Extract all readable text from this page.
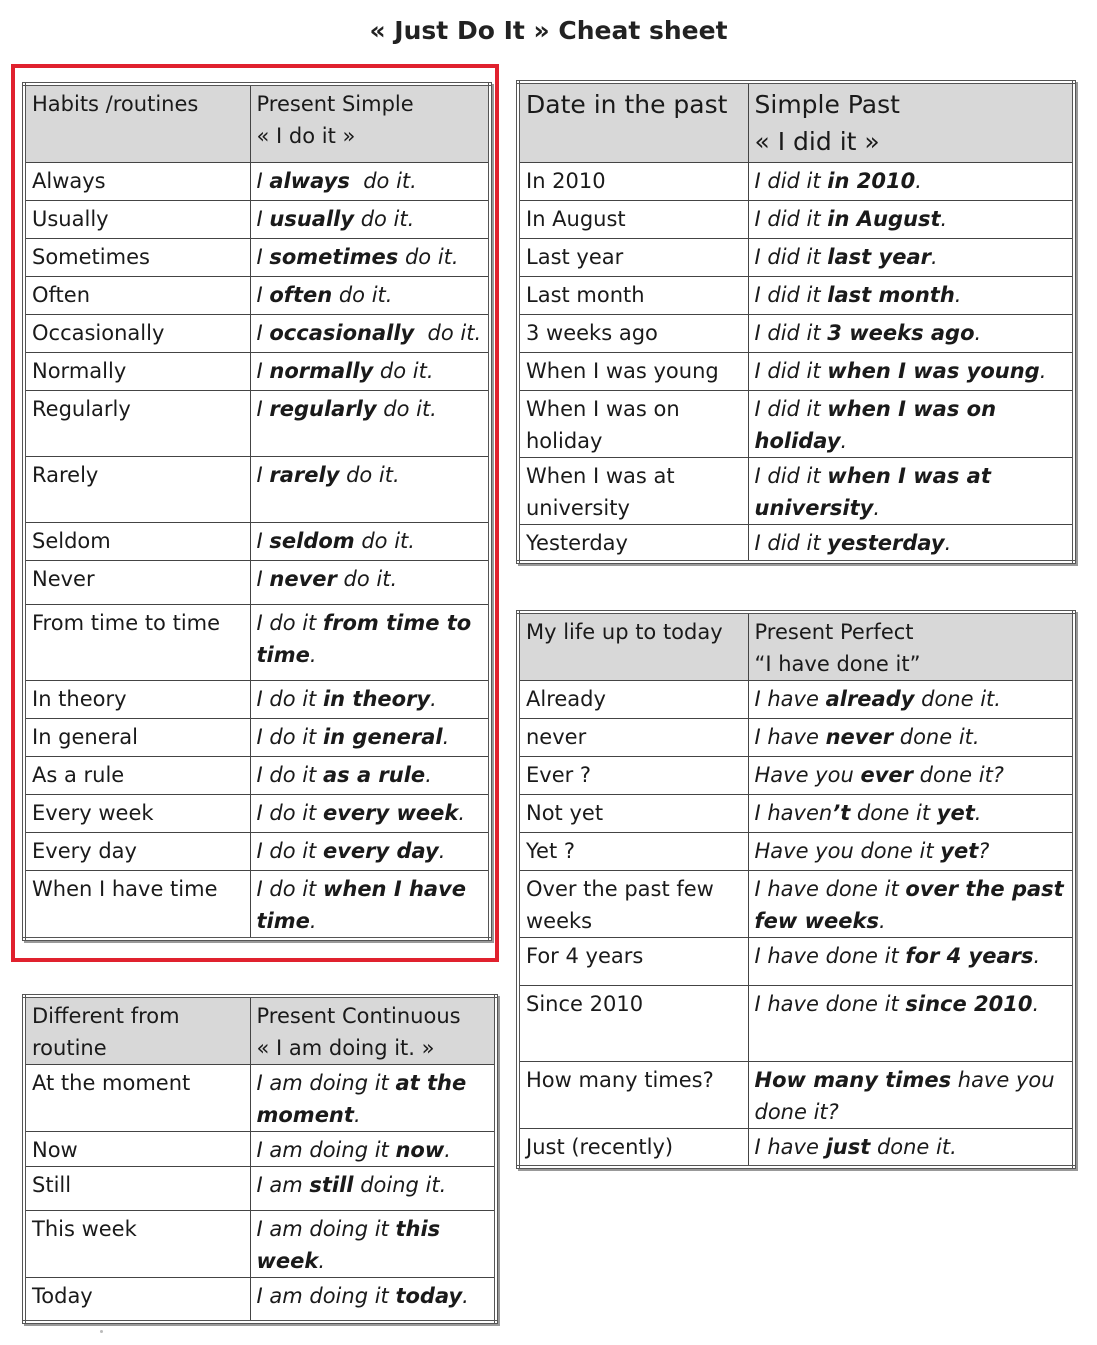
« Just Do It » Cheat sheet
Habits /routines	Present Simple
« I do it »
Always	I always  do it.
Usually	I usually do it.
Sometimes	I sometimes do it.
Often	I often do it.
Occasionally	I occasionally  do it.
Normally	I normally do it.
Regularly	I regularly do it.
Rarely	I rarely do it.
Seldom	I seldom do it.
Never	I never do it.
From time to time	I do it from time to time.
In theory	I do it in theory.
In general	I do it in general.
As a rule	I do it as a rule.
Every week	I do it every week.
Every day	I do it every day.
When I have time	I do it when I have time.
Date in the past	Simple Past
« I did it »
In 2010	I did it in 2010.
In August	I did it in August.
Last year	I did it last year.
Last month	I did it last month.
3 weeks ago	I did it 3 weeks ago.
When I was young	I did it when I was young.
When I was on holiday	I did it when I was on holiday.
When I was at university	I did it when I was at university.
Yesterday	I did it yesterday.
My life up to today	Present Perfect
“I have done it”
Already	I have already done it.
never	I have never done it.
Ever ?	Have you ever done it?
Not yet	I haven’t done it yet.
Yet ?	Have you done it yet?
Over the past few weeks	I have done it over the past few weeks.
For 4 years	I have done it for 4 years.
Since 2010	I have done it since 2010.
How many times?	How many times have you done it?
Just (recently)	I have just done it.
Different from routine	Present Continuous
« I am doing it. »
At the moment	I am doing it at the moment.
Now	I am doing it now.
Still	I am still doing it.
This week	I am doing it this week.
Today	I am doing it today.
